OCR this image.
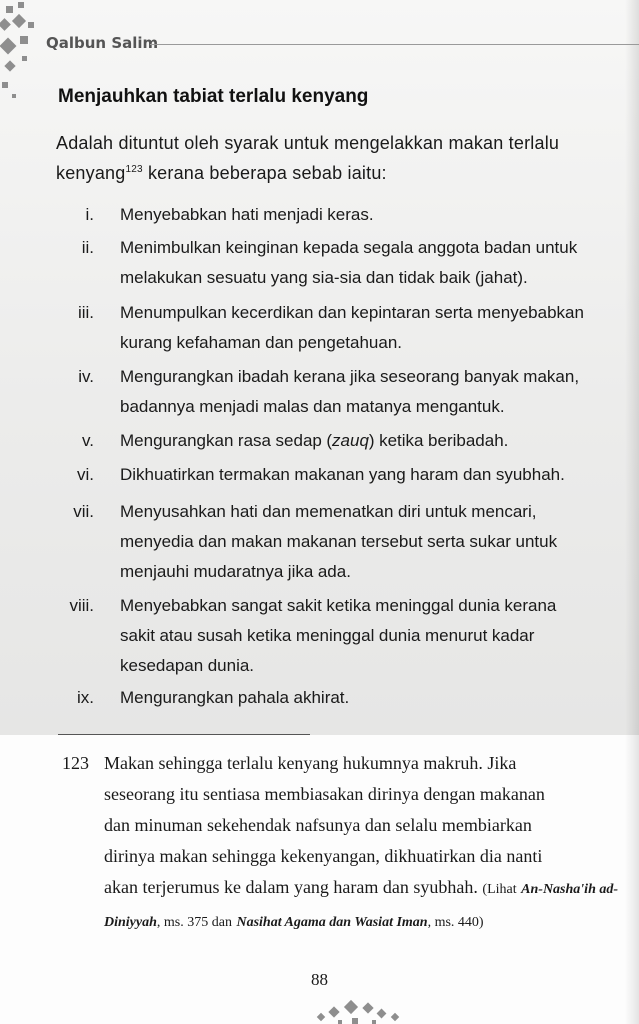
Qalbun Salim
Menjauhkan tabiat terlalu kenyang
Adalah dituntut oleh syarak untuk mengelakkan makan terlalu
kenyang$^{123}$ kerana beberapa sebab iaitu:
i. Menyebabkan hati menjadi keras.
ii. Menimbulkan keinginan kepada segala anggota badan untuk
melakukan sesuatu yang sia-sia dan tidak baik (jahat).
iii. Menumpulkan kecerdikan dan kepintaran serta menyebabkan
kurang kefahaman dan pengetahuan.
iv. Mengurangkan ibadah kerana jika seseorang banyak makan,
badannya menjadi malas dan matanya mengantuk.
v. Mengurangkan rasa sedap (zauq) ketika beribadah.
vi. Dikhuatirkan termakan makanan yang haram dan syubhah.
vii. Menyusahkan hati dan memenatkan diri untuk mencari,
menyedia dan makan makanan tersebut serta sukar untuk
menjauhi mudaratnya jika ada.
viii. Menyebabkan sangat sakit ketika meninggal dunia kerana
sakit atau susah ketika meninggal dunia menurut kadar
kesedapan dunia.
ix. Mengurangkan pahala akhirat.
123 Makan sehingga terlalu kenyang hukumnya makruh. Jika
seseorang itu sentiasa membiasakan dirinya dengan makanan
dan minuman sekehendak nafsunya dan selalu membiarkan
dirinya makan sehingga kekenyangan, dikhuatirkan dia nanti
akan terjerumus ke dalam yang haram dan syubhah. (Lihat An-Nasha'ih ad-Diniyyah, ms. 375 dan Nasihat Agama dan Wasiat Iman, ms. 440)
88
